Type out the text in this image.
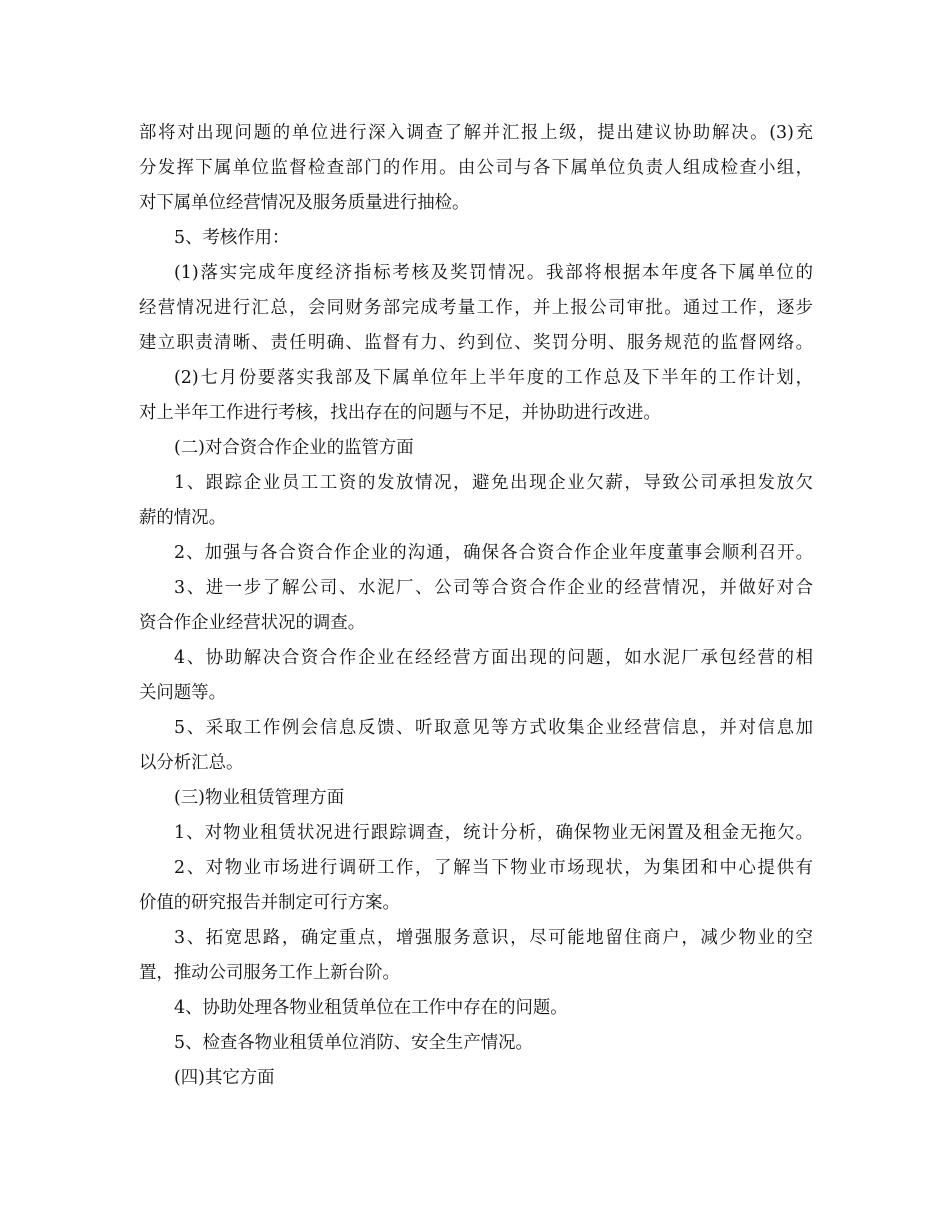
部将对出现问题的单位进行深入调查了解并汇报上级，提出建议协助解决。(3)充
分发挥下属单位监督检查部门的作用。由公司与各下属单位负责人组成检查小组，
对下属单位经营情况及服务质量进行抽检。
5、考核作用：
(1)落实完成年度经济指标考核及奖罚情况。我部将根据本年度各下属单位的
经营情况进行汇总，会同财务部完成考量工作，并上报公司审批。通过工作，逐步
建立职责清晰、责任明确、监督有力、约到位、奖罚分明、服务规范的监督网络。
(2)七月份要落实我部及下属单位年上半年度的工作总及下半年的工作计划，
对上半年工作进行考核，找出存在的问题与不足，并协助进行改进。
(二)对合资合作企业的监管方面
1、跟踪企业员工工资的发放情况，避免出现企业欠薪，导致公司承担发放欠
薪的情况。
2、加强与各合资合作企业的沟通，确保各合资合作企业年度董事会顺利召开。
3、进一步了解公司、水泥厂、公司等合资合作企业的经营情况，并做好对合
资合作企业经营状况的调查。
4、协助解决合资合作企业在经经营方面出现的问题，如水泥厂承包经营的相
关问题等。
5、采取工作例会信息反馈、听取意见等方式收集企业经营信息，并对信息加
以分析汇总。
(三)物业租赁管理方面
1、对物业租赁状况进行跟踪调查，统计分析，确保物业无闲置及租金无拖欠。
2、对物业市场进行调研工作，了解当下物业市场现状，为集团和中心提供有
价值的研究报告并制定可行方案。
3、拓宽思路，确定重点，增强服务意识，尽可能地留住商户，减少物业的空
置，推动公司服务工作上新台阶。
4、协助处理各物业租赁单位在工作中存在的问题。
5、检查各物业租赁单位消防、安全生产情况。
(四)其它方面
